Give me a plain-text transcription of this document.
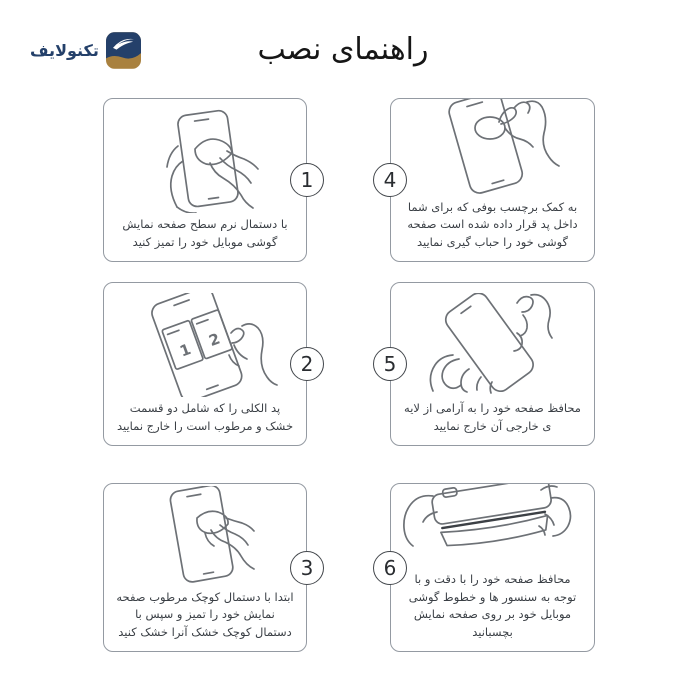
تکنولایف	راهنمای نصب
1
با دستمال نرم سطح صفحه نمایش گوشی موبایل خود را تمیز کنید
4
به کمک برچسب بوفی که برای شما داخل پد قرار داده شده است صفحه گوشی خود را حباب گیری نمایید
2
1
2
پد الکلی را که شامل دو قسمت خشک و مرطوب است را خارج نمایید
5
محافظ صفحه خود را به آرامی از لایه ی خارجی آن خارج نمایید
3
ابتدا با دستمال کوچک مرطوب صفحه نمایش خود را تمیز و سپس با دستمال کوچک خشک آنرا خشک کنید
6	محافظ صفحه خود را با دقت و با توجه به سنسور ها و خطوط گوشی موبایل خود بر روی صفحه نمایش بچسبانید
